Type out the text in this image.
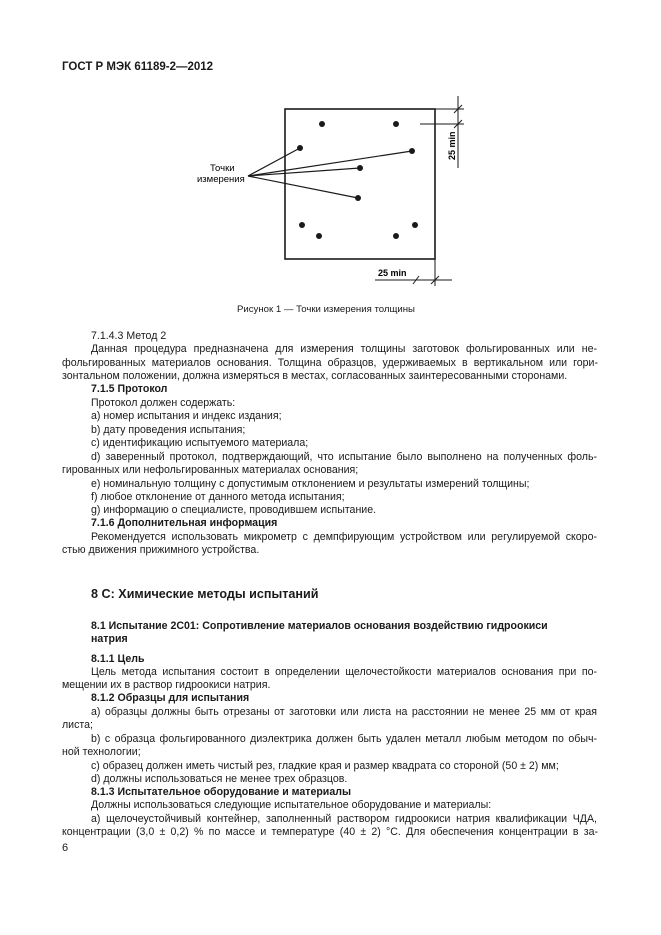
ГОСТ Р МЭК 61189-2—2012
Точки
измерения
25 min
25 min
Рисунок 1 — Точки измерения толщины
7.1.4.3 Метод 2
Данная процедура предназначена для измерения толщины заготовок фольгированных или не-
фольгированных материалов основания. Толщина образцов, удерживаемых в вертикальном или гори-
зонтальном положении, должна измеряться в местах, согласованных заинтересованными сторонами.
7.1.5 Протокол
Протокол должен содержать:
a) номер испытания и индекс издания;
b) дату проведения испытания;
c) идентификацию испытуемого материала;
d) заверенный протокол, подтверждающий, что испытание было выполнено на полученных фоль-
гированных или нефольгированных материалах основания;
e) номинальную толщину с допустимым отклонением и результаты измерений толщины;
f) любое отклонение от данного метода испытания;
g) информацию о специалисте, проводившем испытание.
7.1.6 Дополнительная информация
Рекомендуется использовать микрометр с демпфирующим устройством или регулируемой скоро-
стью движения прижимного устройства.
8 С: Химические методы испытаний
8.1 Испытание 2С01: Сопротивление материалов основания воздействию гидроокиси
натрия
8.1.1 Цель
Цель метода испытания состоит в определении щелочестойкости материалов основания при по-
мещении их в раствор гидроокиси натрия.
8.1.2 Образцы для испытания
a) образцы должны быть отрезаны от заготовки или листа на расстоянии не менее 25 мм от края
листа;
b) с образца фольгированного диэлектрика должен быть удален металл любым методом по обыч-
ной технологии;
c) образец должен иметь чистый рез, гладкие края и размер квадрата со стороной (50 ± 2) мм;
d) должны использоваться не менее трех образцов.
8.1.3 Испытательное оборудование и материалы
Должны использоваться следующие испытательное оборудование и материалы:
a) щелочеустойчивый контейнер, заполненный раствором гидроокиси натрия квалификации ЧДА,
концентрации (3,0 ± 0,2) % по массе и температуре (40 ± 2) °С. Для обеспечения концентрации в за-
6
